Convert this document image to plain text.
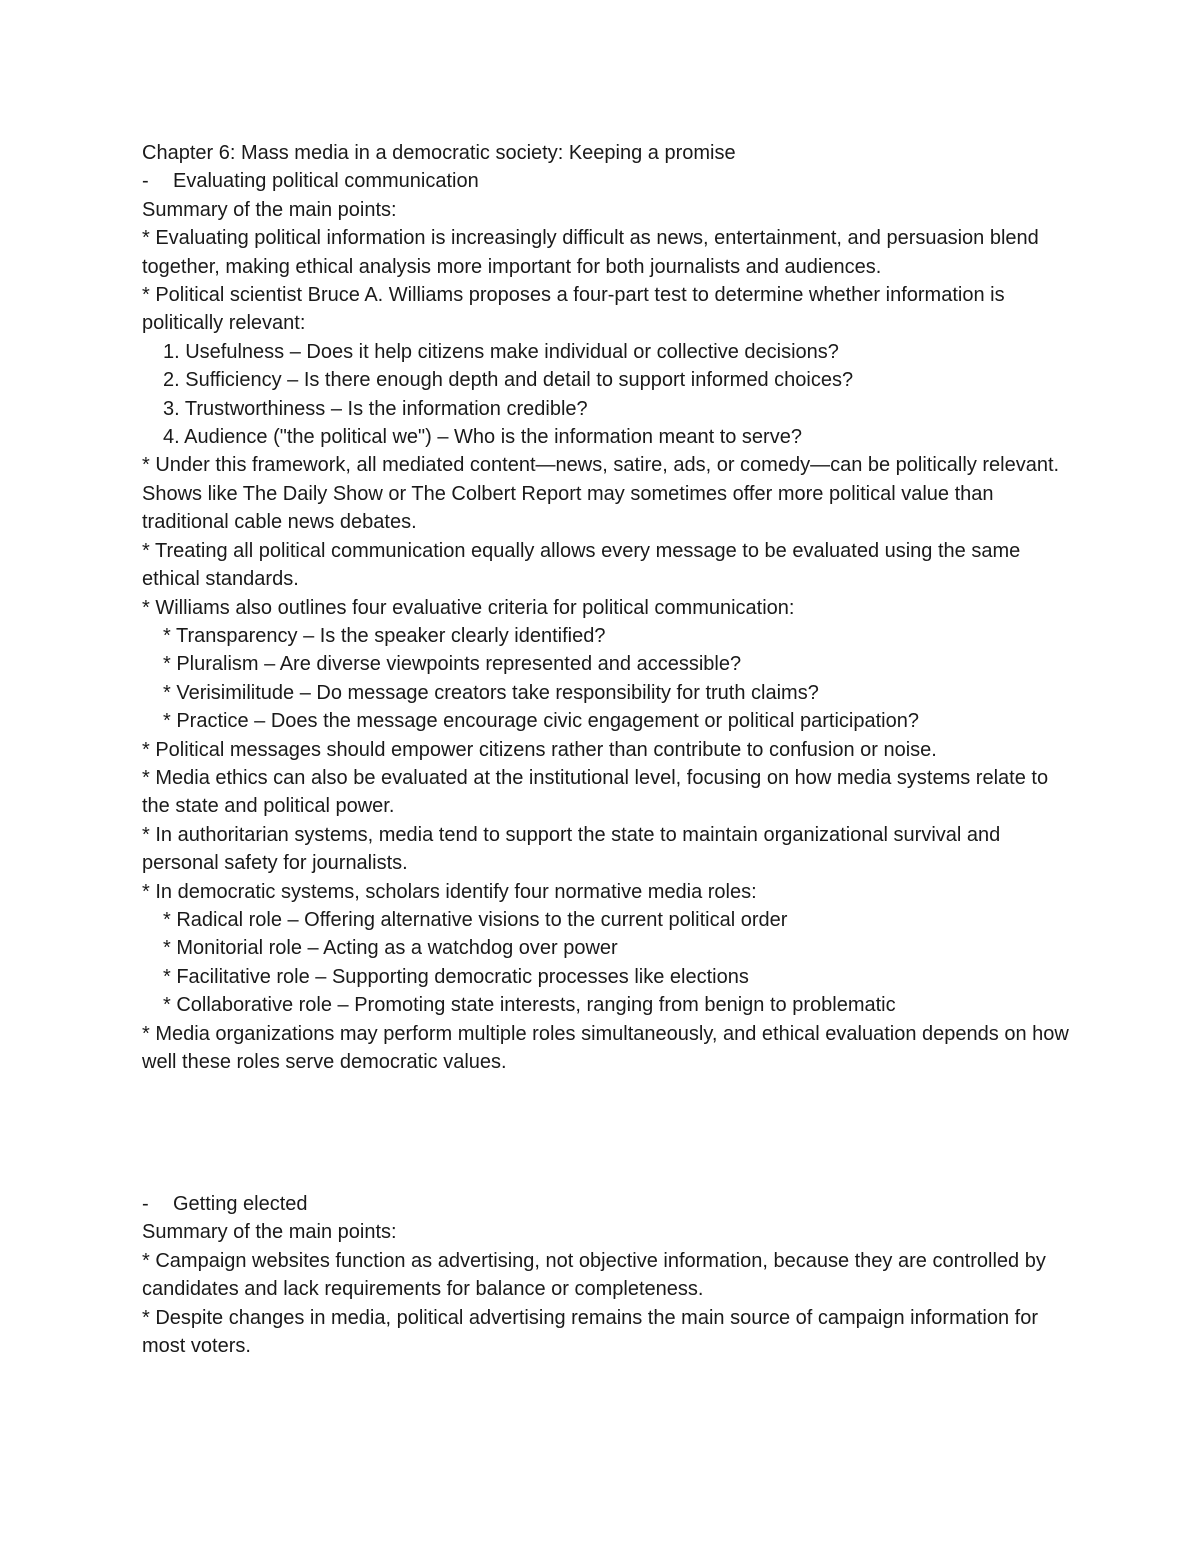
Chapter 6: Mass media in a democratic society: Keeping a promise

-	Evaluating political communication

Summary of the main points:

* Evaluating political information is increasingly difficult as news, entertainment, and persuasion blend together, making ethical analysis more important for both journalists and audiences.

* Political scientist Bruce A. Williams proposes a four-part test to determine whether information is politically relevant:

1. Usefulness – Does it help citizens make individual or collective decisions?

2. Sufficiency – Is there enough depth and detail to support informed choices?

3. Trustworthiness – Is the information credible?

4. Audience ("the political we") – Who is the information meant to serve?

* Under this framework, all mediated content—news, satire, ads, or comedy—can be politically relevant. Shows like The Daily Show or The Colbert Report may sometimes offer more political value than traditional cable news debates.

* Treating all political communication equally allows every message to be evaluated using the same ethical standards.

* Williams also outlines four evaluative criteria for political communication:

* Transparency – Is the speaker clearly identified?

* Pluralism – Are diverse viewpoints represented and accessible?

* Verisimilitude – Do message creators take responsibility for truth claims?

* Practice – Does the message encourage civic engagement or political participation?

* Political messages should empower citizens rather than contribute to confusion or noise.

* Media ethics can also be evaluated at the institutional level, focusing on how media systems relate to the state and political power.

* In authoritarian systems, media tend to support the state to maintain organizational survival and personal safety for journalists.

* In democratic systems, scholars identify four normative media roles:

* Radical role – Offering alternative visions to the current political order

* Monitorial role – Acting as a watchdog over power

* Facilitative role – Supporting democratic processes like elections

* Collaborative role – Promoting state interests, ranging from benign to problematic

* Media organizations may perform multiple roles simultaneously, and ethical evaluation depends on how well these roles serve democratic values.

-	Getting elected

Summary of the main points:

* Campaign websites function as advertising, not objective information, because they are controlled by candidates and lack requirements for balance or completeness.

* Despite changes in media, political advertising remains the main source of campaign information for most voters.
